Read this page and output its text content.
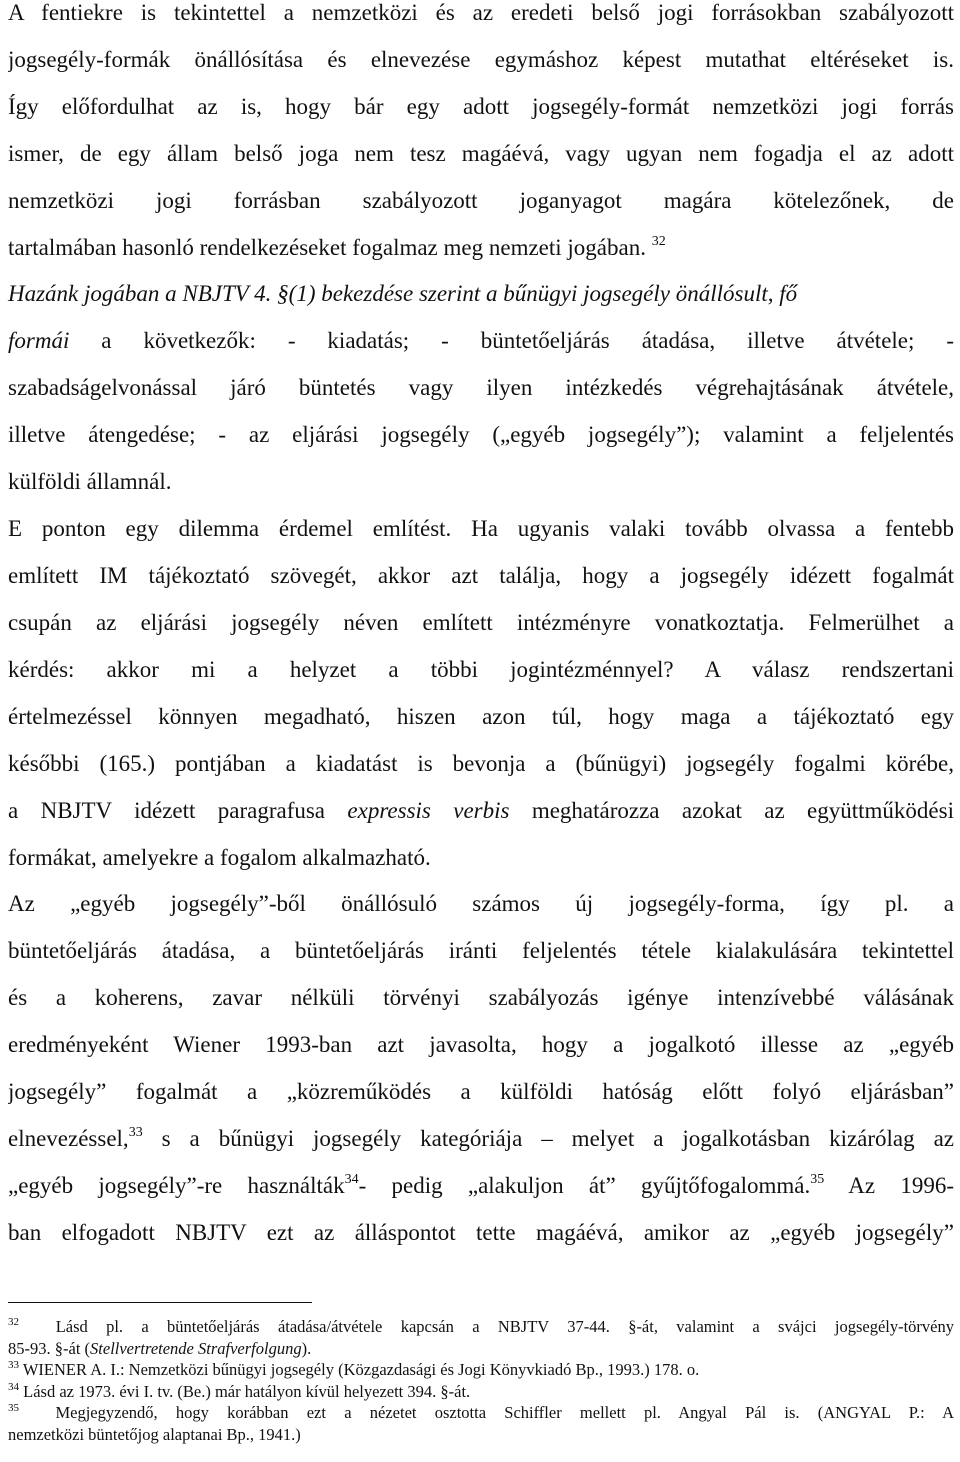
A fentiekre is tekintettel a nemzetközi és az eredeti belső jogi forrásokban szabályozott
jogsegély-formák önállósítása és elnevezése egymáshoz képest mutathat eltéréseket is.
Így előfordulhat az is, hogy bár egy adott jogsegély-formát nemzetközi jogi forrás
ismer, de egy állam belső joga nem tesz magáévá, vagy ugyan nem fogadja el az adott
nemzetközi jogi forrásban szabályozott joganyagot magára kötelezőnek, de
tartalmában hasonló rendelkezéseket fogalmaz meg nemzeti jogában. $^{32}$
Hazánk jogában a NBJTV 4. §(1) bekezdése szerint a bűnügyi jogsegély önállósult, fő
formái a következők: - kiadatás; - büntetőeljárás átadása, illetve átvétele; -
szabadságelvonással járó büntetés vagy ilyen intézkedés végrehajtásának átvétele,
illetve átengedése; - az eljárási jogsegély („egyéb jogsegély”); valamint a feljelentés
külföldi államnál.
E ponton egy dilemma érdemel említést. Ha ugyanis valaki tovább olvassa a fentebb
említett IM tájékoztató szövegét, akkor azt találja, hogy a jogsegély idézett fogalmát
csupán az eljárási jogsegély néven említett intézményre vonatkoztatja. Felmerülhet a
kérdés: akkor mi a helyzet a többi jogintézménnyel? A válasz rendszertani
értelmezéssel könnyen megadható, hiszen azon túl, hogy maga a tájékoztató egy
későbbi (165.) pontjában a kiadatást is bevonja a (bűnügyi) jogsegély fogalmi körébe,
a NBJTV idézett paragrafusa expressis verbis meghatározza azokat az együttműködési
formákat, amelyekre a fogalom alkalmazható.
Az „egyéb jogsegély”-ből önállósuló számos új jogsegély-forma, így pl. a
büntetőeljárás átadása, a büntetőeljárás iránti feljelentés tétele kialakulására tekintettel
és a koherens, zavar nélküli törvényi szabályozás igénye intenzívebbé válásának
eredményeként Wiener 1993-ban azt javasolta, hogy a jogalkotó illesse az „egyéb
jogsegély” fogalmát a „közreműködés a külföldi hatóság előtt folyó eljárásban”
elnevezéssel,$^{33}$ s a bűnügyi jogsegély kategóriája – melyet a jogalkotásban kizárólag az
„egyéb jogsegély”-re használták$^{34}$- pedig „alakuljon át” gyűjtőfogalommá.$^{35}$ Az 1996-
ban elfogadott NBJTV ezt az álláspontot tette magáévá, amikor az „egyéb jogsegély”
$^{32}$ Lásd pl. a büntetőeljárás átadása/átvétele kapcsán a NBJTV 37-44. §-át, valamint a svájci jogsegély-törvény
85-93. §-át (Stellvertretende Strafverfolgung).
$^{33}$ WIENER A. I.: Nemzetközi bűnügyi jogsegély (Közgazdasági és Jogi Könyvkiadó Bp., 1993.) 178. o.
$^{34}$ Lásd az 1973. évi I. tv. (Be.) már hatályon kívül helyezett 394. §-át.
$^{35}$ Megjegyzendő, hogy korábban ezt a nézetet osztotta Schiffler mellett pl. Angyal Pál is. (ANGYAL P.: A
nemzetközi büntetőjog alaptanai Bp., 1941.)
